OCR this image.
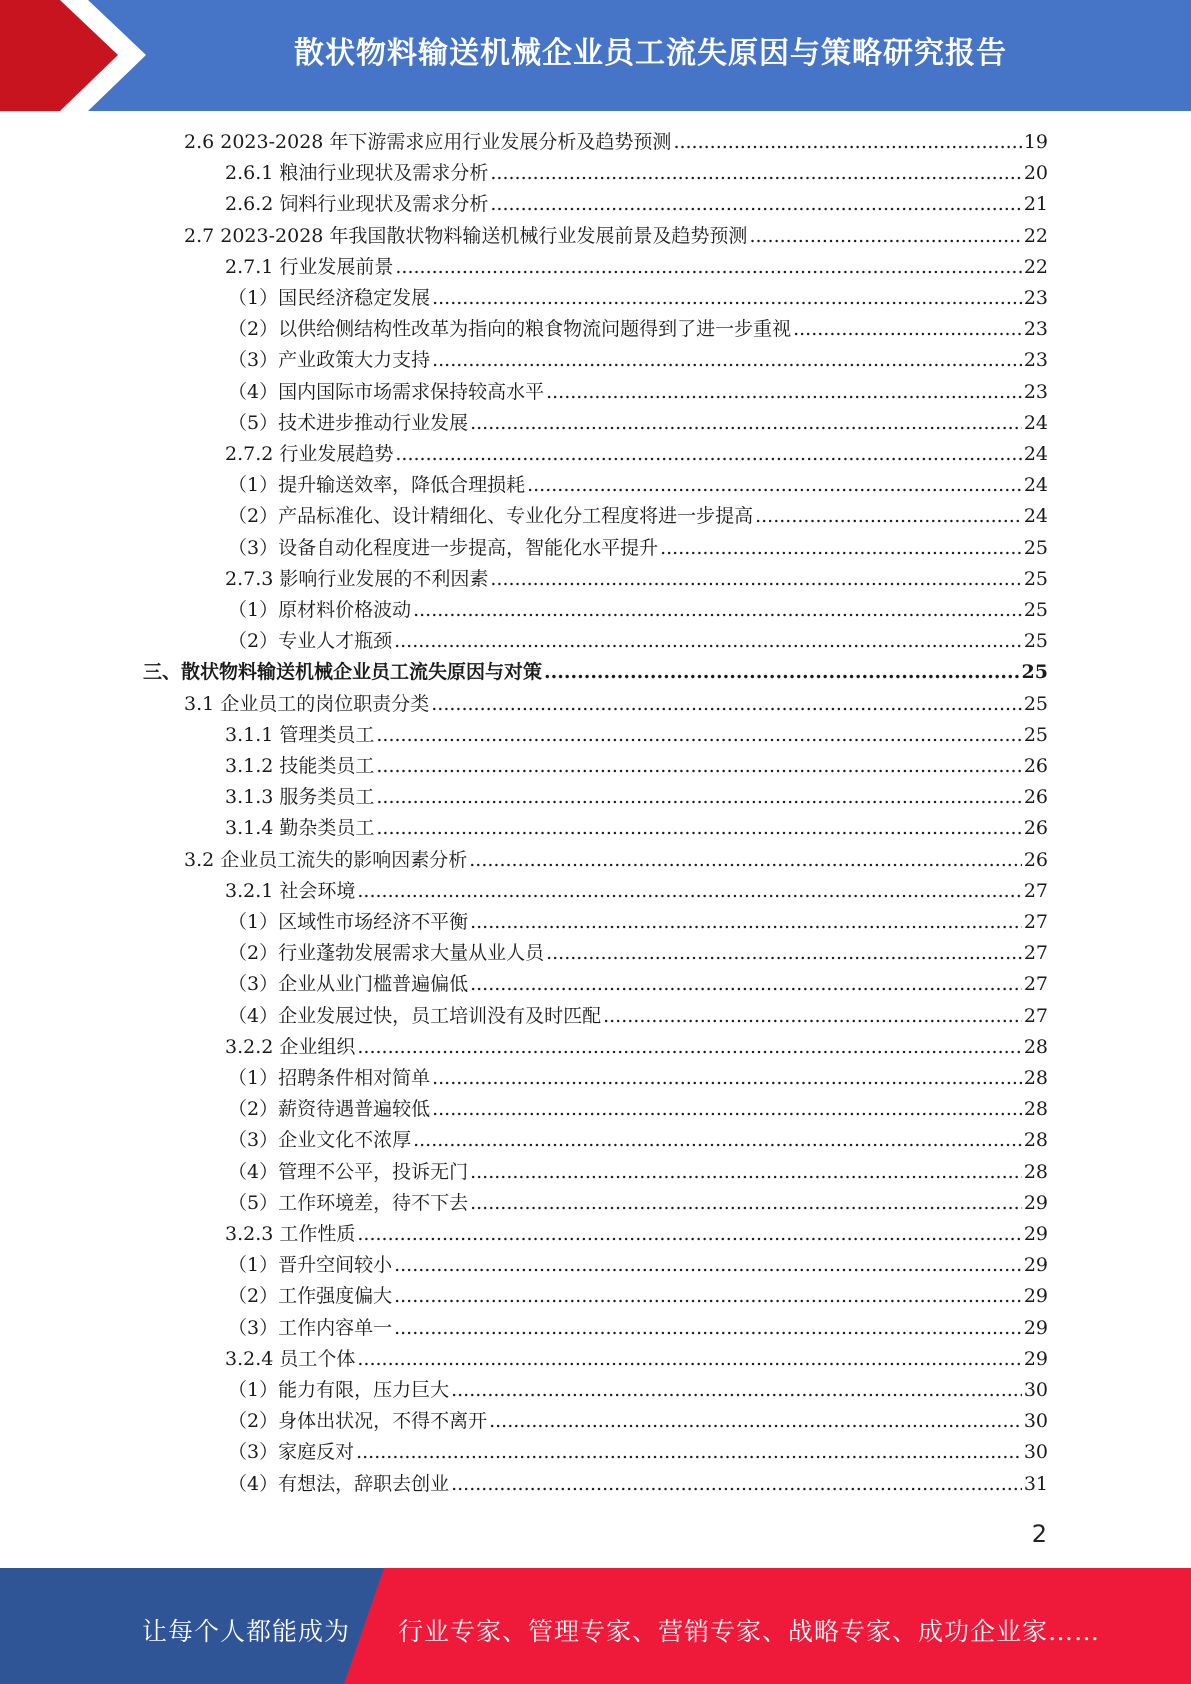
散状物料输送机械企业员工流失原因与策略研究报告
2.6 2023-2028 年下游需求应用行业发展分析及趋势预测 .....	19
2.6.1 粮油行业现状及需求分析 .....	20
2.6.2 饲料行业现状及需求分析 .....	21
2.7 2023-2028 年我国散状物料输送机械行业发展前景及趋势预测 .....	22
2.7.1 行业发展前景 .....	22
（1）国民经济稳定发展 .....	23
（2）以供给侧结构性改革为指向的粮食物流问题得到了进一步重视 .....	23
（3）产业政策大力支持 .....	23
（4）国内国际市场需求保持较高水平 .....	23
（5）技术进步推动行业发展 .....	24
2.7.2 行业发展趋势 .....	24
（1）提升输送效率，降低合理损耗 .....	24
（2）产品标准化、设计精细化、专业化分工程度将进一步提高 .....	24
（3）设备自动化程度进一步提高，智能化水平提升 .....	25
2.7.3 影响行业发展的不利因素 .....	25
（1）原材料价格波动 .....	25
（2）专业人才瓶颈 .....	25
三、散状物料输送机械企业员工流失原因与对策 .....	25
3.1 企业员工的岗位职责分类 .....	25
3.1.1 管理类员工 .....	25
3.1.2 技能类员工 .....	26
3.1.3 服务类员工 .....	26
3.1.4 勤杂类员工 .....	26
3.2 企业员工流失的影响因素分析 .....	26
3.2.1 社会环境 .....	27
（1）区域性市场经济不平衡 .....	27
（2）行业蓬勃发展需求大量从业人员 .....	27
（3）企业从业门槛普遍偏低 .....	27
（4）企业发展过快，员工培训没有及时匹配 .....	27
3.2.2 企业组织 .....	28
（1）招聘条件相对简单 .....	28
（2）薪资待遇普遍较低 .....	28
（3）企业文化不浓厚 .....	28
（4）管理不公平，投诉无门 .....	28
（5）工作环境差，待不下去 .....	29
3.2.3 工作性质 .....	29
（1）晋升空间较小 .....	29
（2）工作强度偏大 .....	29
（3）工作内容单一 .....	29
3.2.4 员工个体 .....	29
（1）能力有限，压力巨大 .....	30
（2）身体出状况，不得不离开 .....	30
（3）家庭反对 .....	30
（4）有想法，辞职去创业 .....	31
2
让每个人都能成为 行业专家、管理专家、营销专家、战略专家、成功企业家……
